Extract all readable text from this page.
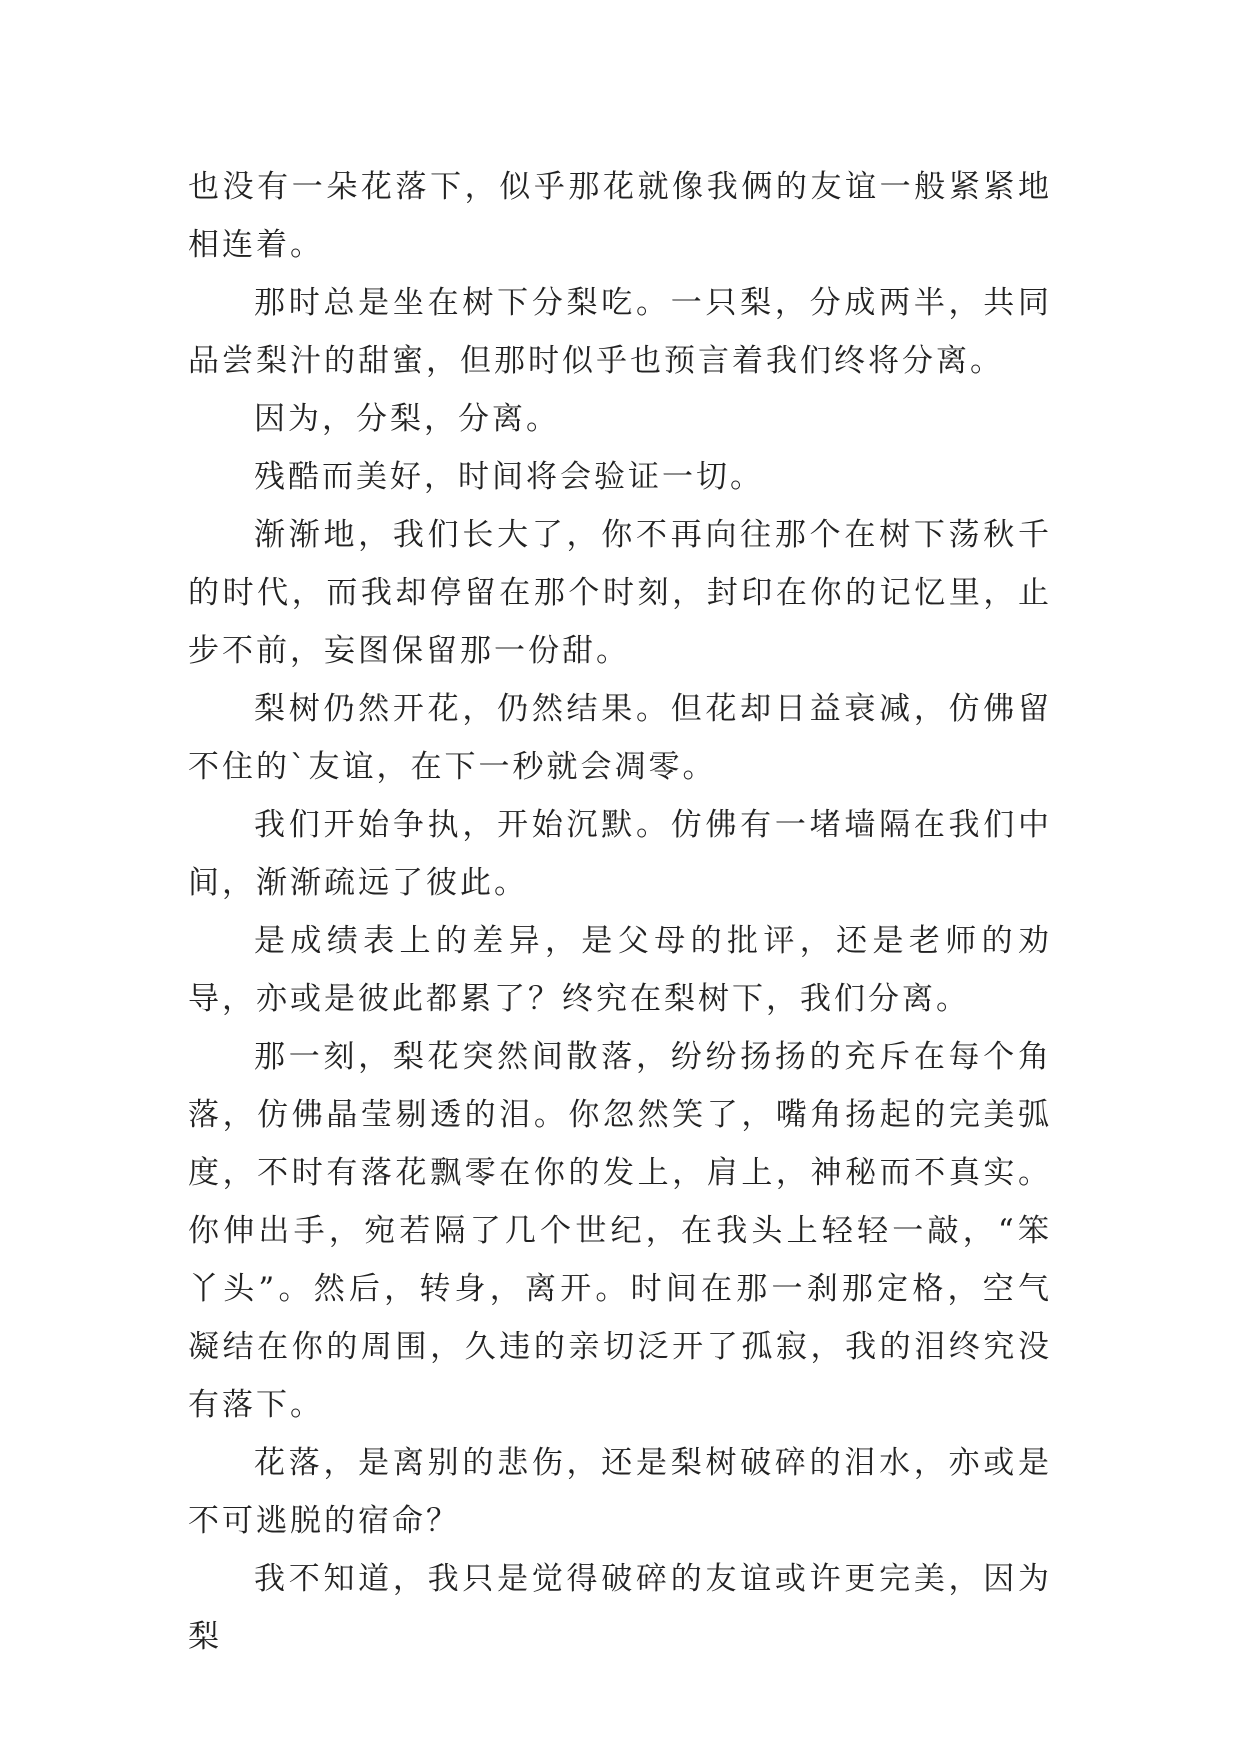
也没有一朵花落下，似乎那花就像我俩的友谊一般紧紧地相连着。

那时总是坐在树下分梨吃。一只梨，分成两半，共同品尝梨汁的甜蜜，但那时似乎也预言着我们终将分离。

因为，分梨，分离。

残酷而美好，时间将会验证一切。

渐渐地，我们长大了，你不再向往那个在树下荡秋千的时代，而我却停留在那个时刻，封印在你的记忆里，止步不前，妄图保留那一份甜。

梨树仍然开花，仍然结果。但花却日益衰减，仿佛留不住的`友谊，在下一秒就会凋零。

我们开始争执，开始沉默。仿佛有一堵墙隔在我们中间，渐渐疏远了彼此。

是成绩表上的差异，是父母的批评，还是老师的劝导，亦或是彼此都累了？终究在梨树下，我们分离。

那一刻，梨花突然间散落，纷纷扬扬的充斥在每个角落，仿佛晶莹剔透的泪。你忽然笑了，嘴角扬起的完美弧度，不时有落花飘零在你的发上，肩上，神秘而不真实。你伸出手，宛若隔了几个世纪，在我头上轻轻一敲，“笨丫头”。然后，转身，离开。时间在那一刹那定格，空气凝结在你的周围，久违的亲切泛开了孤寂，我的泪终究没有落下。

花落，是离别的悲伤，还是梨树破碎的泪水，亦或是不可逃脱的宿命？

我不知道，我只是觉得破碎的友谊或许更完美，因为梨
